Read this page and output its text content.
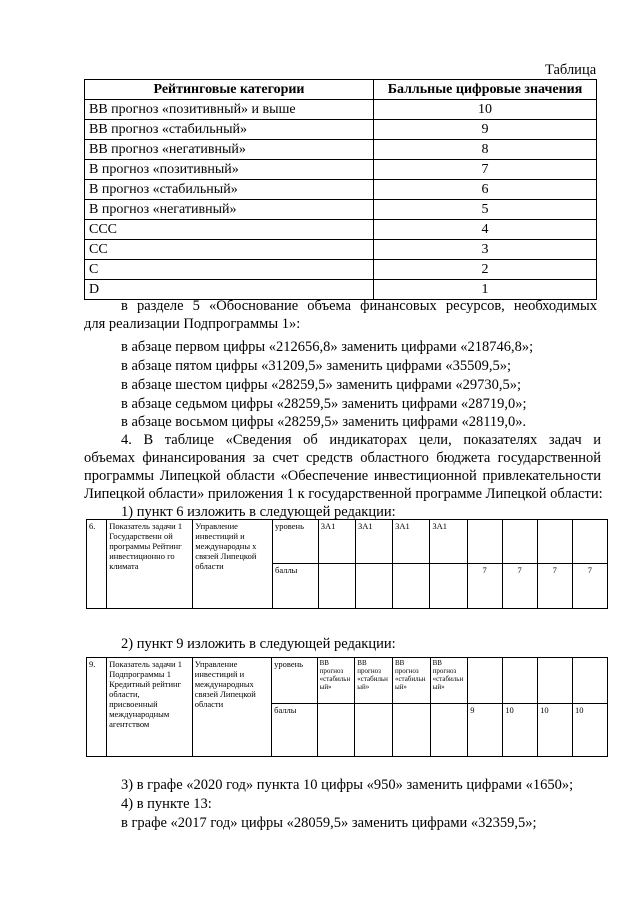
Таблица
Рейтинговые категории	Балльные цифровые значения
ВВ прогноз «позитивный» и выше	10
ВВ прогноз «стабильный»	9
ВВ прогноз «негативный»	8
В прогноз «позитивный»	7
В прогноз «стабильный»	6
В прогноз «негативный»	5
ССС	4
СС	3
С	2
D	1
в разделе 5 «Обоснование объема финансовых ресурсов, необходимых
для реализации Подпрограммы 1»:
в абзаце первом цифры «212656,8» заменить цифрами «218746,8»;
в абзаце пятом цифры «31209,5» заменить цифрами «35509,5»;
в абзаце шестом цифры «28259,5» заменить цифрами «29730,5»;
в абзаце седьмом цифры «28259,5» заменить цифрами «28719,0»;
в абзаце восьмом цифры «28259,5» заменить цифрами «28119,0».
4. В таблице «Сведения об индикаторах цели, показателях задач и
объемах финансирования за счет средств областного бюджета государственной
программы Липецкой области «Обеспечение инвестиционной привлекательности
Липецкой области» приложения 1 к государственной программе Липецкой области:
1) пункт 6 изложить в следующей редакции:
6.	Показатель задачи 1 Государственн ой программы Рейтинг инвестиционно го климата	Управление инвестиций и международны х связей Липецкой области	уровень	3А1	3А1	3А1	3А1				
			баллы					7	7	7	7
2) пункт 9 изложить в следующей редакции:
9.	Показатель задачи 1 Подпрограммы 1 Кредитный рейтинг области, присвоенный международным агентством	Управление инвестиций и международных связей Липецкой области	уровень	ВВ прогноз «стабильн ый»	ВВ прогноз «стабильн ый»	ВВ прогноз «стабильн ый»	ВВ прогноз «стабильн ый»				
			баллы					9	10	10	10
3) в графе «2020 год» пункта 10 цифры «950» заменить цифрами «1650»;
4) в пункте 13:
в графе «2017 год» цифры «28059,5» заменить цифрами «32359,5»;
